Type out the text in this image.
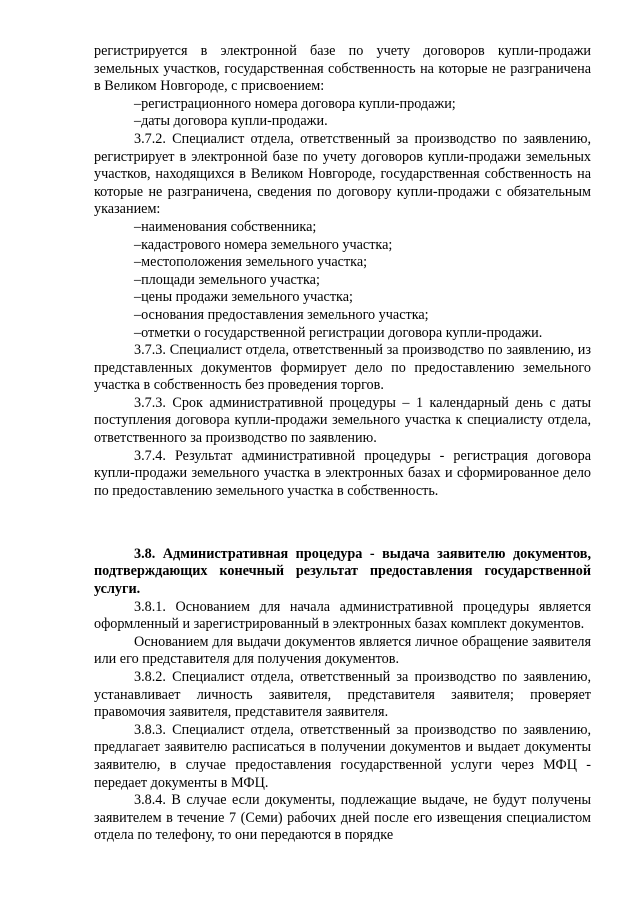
регистрируется в электронной базе по учету договоров купли-продажи земельных участков, государственная собственность на которые не разграничена в Великом Новгороде, с присвоением:

–регистрационного номера договора купли-продажи;

–даты договора купли-продажи.

3.7.2. Специалист отдела, ответственный за производство по заявлению, регистрирует в электронной базе по учету договоров купли-продажи земельных участков, находящихся в Великом Новгороде, государственная собственность на которые не разграничена, сведения по договору купли-продажи с обязательным указанием:

–наименования собственника;

–кадастрового номера земельного участка;

–местоположения земельного участка;

–площади земельного участка;

–цены продажи земельного участка;

–основания предоставления земельного участка;

–отметки о государственной регистрации договора купли-продажи.

3.7.3. Специалист отдела, ответственный за производство по заявлению, из представленных документов формирует дело по предоставлению земельного участка в собственность без проведения торгов.

3.7.3. Срок административной процедуры – 1 календарный день с даты поступления договора купли-продажи земельного участка к специалисту отдела, ответственного за производство по заявлению.

3.7.4. Результат административной процедуры - регистрация договора купли-продажи земельного участка в электронных базах и сформированное дело по предоставлению земельного участка в собственность.

3.8. Административная процедура - выдача заявителю документов, подтверждающих конечный результат предоставления государственной услуги.

3.8.1. Основанием для начала административной процедуры является оформленный и зарегистрированный в электронных базах комплект документов.

Основанием для выдачи документов является личное обращение заявителя или его представителя для получения документов.

3.8.2. Специалист отдела, ответственный за производство по заявлению, устанавливает личность заявителя, представителя заявителя; проверяет правомочия заявителя, представителя заявителя.

3.8.3. Специалист отдела, ответственный за производство по заявлению, предлагает заявителю расписаться в получении документов и выдает документы заявителю, в случае предоставления государственной услуги через МФЦ - передает документы в МФЦ.

3.8.4. В случае если документы, подлежащие выдаче, не будут получены заявителем в течение 7 (Семи) рабочих дней после его извещения специалистом отдела по телефону, то они передаются в порядке
